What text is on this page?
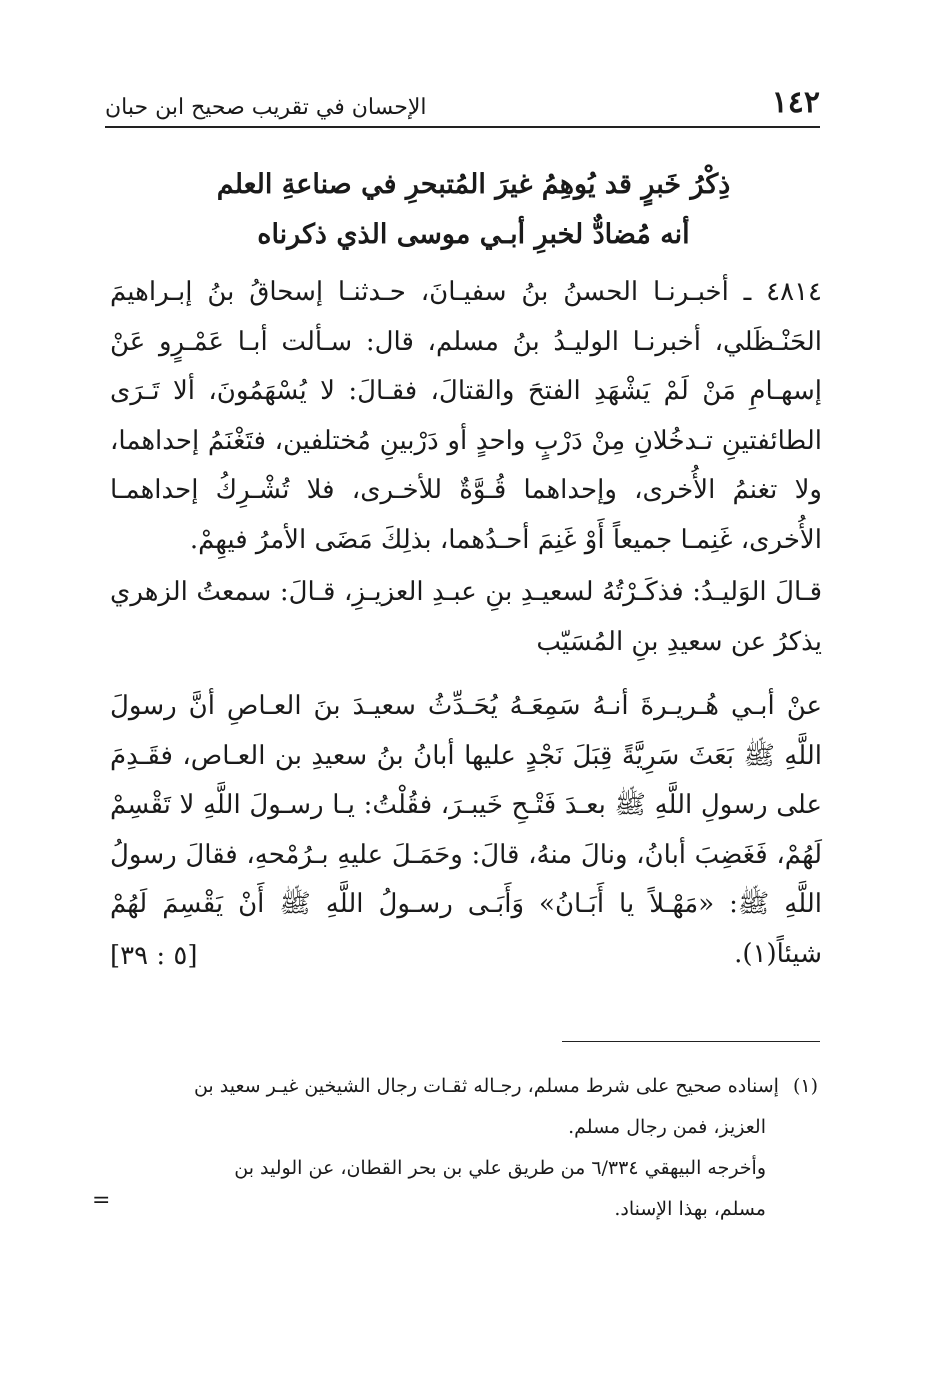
١٤٢
الإحسان في تقريب صحيح ابن حبان
ذِكْرُ خَبرٍ قد يُوهِمُ غيرَ المُتبحرِ في صناعةِ العلم
أنه مُضادٌّ لخبرِ أبـي موسى الذي ذكرناه
٤٨١٤ ـ أخبـرنـا الحسنُ بنُ سفيـانَ، حـدثنـا إسحاقُ بنُ إبـراهيمَ الحَنْـظَلي، أخبرنـا الوليـدُ بنُ مسلم، قال: سـألت أبـا عَمْـرٍو عَنْ إسهـامِ مَنْ لَمْ يَشْهَدِ الفتحَ والقتالَ، فقـالَ: لا يُسْهَمُونَ، ألا تَـرَى الطائفتينِ تـدخُلانِ مِنْ دَرْبٍ واحدٍ أو دَرْبينِ مُختلفين، فتَغْنَمُ إحداهما، ولا تغنمُ الأُخرى، وإحداهما قُـوَّةٌ للأخـرى، فلا تُشْـرِكُ إحداهمـا الأُخرى، غَنِمـا جميعاً أَوْ غَنِمَ أحـدُهما، بذلِكَ مَضَى الأمرُ فيهِمْ.
قـالَ الوَليـدُ: فذكَـرْتُهُ لسعيـدِ بنِ عبـدِ العزيـزِ، قـالَ: سمعتُ الزهري يذكرُ عن سعيدِ بنِ المُسَيّب
عنْ أبـي هُـريـرةَ أنـهُ سَمِعَـهُ يُحَـدِّثُ سعيـدَ بنَ العـاصِ أنَّ رسولَ اللَّهِ ﷺ بَعَثَ سَرِيَّةً قِبَلَ نَجْدٍ عليها أبانُ بنُ سعيدِ بن العـاص، فقَـدِمَ على رسولِ اللَّهِ ﷺ بعـدَ فَتْـحِ خَيبـرَ، فقُلْتُ: يـا رسـولَ اللَّهِ لا تَقْسِمْ لَهُمْ، فَغَضِبَ أبانُ، ونالَ منهُ، قالَ: وحَمَـلَ عليهِ بـرُمْحهِ، فقالَ رسولُ اللَّهِ ﷺ: «مَهْـلاً يا أَبَـانُ» وَأَبَـى رسـولُ اللَّهِ ﷺ أَنْ يَقْسِمَ لَهُمْ شيئاً(١).
[٥ : ٣٩]
(١)إسناده صحيح على شرط مسلم، رجـاله ثقـات رجال الشيخين غيـر سعيد بن
العزيز، فمن رجال مسلم.
وأخرجه البيهقي ٦/٣٣٤ من طريق علي بن بحر القطان، عن الوليد بن
مسلم، بهذا الإسناد.
=
